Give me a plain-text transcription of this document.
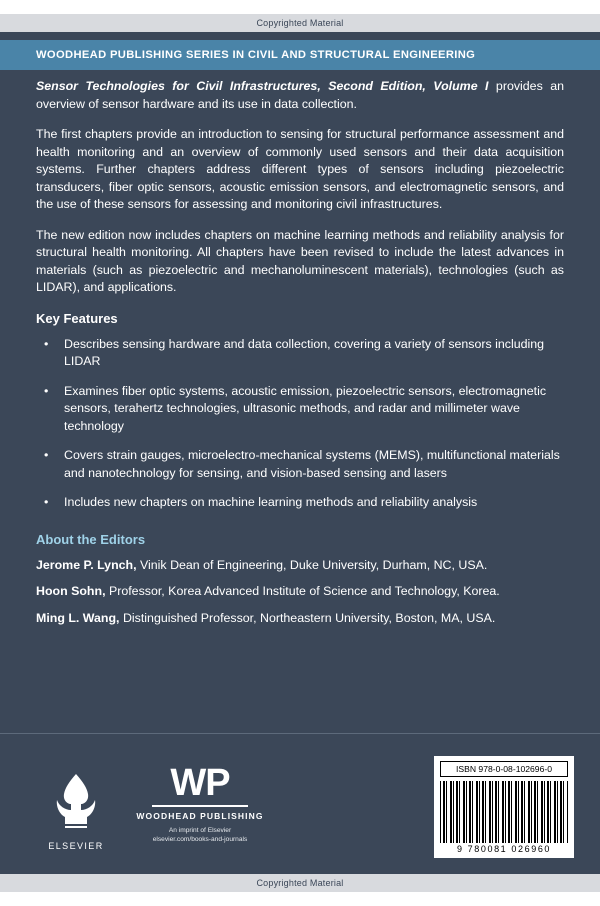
Copyrighted Material
WOODHEAD PUBLISHING SERIES IN CIVIL AND STRUCTURAL ENGINEERING

Sensor Technologies for Civil Infrastructures, Second Edition, Volume I provides an overview of sensor hardware and its use in data collection.

The first chapters provide an introduction to sensing for structural performance assessment and health monitoring and an overview of commonly used sensors and their data acquisition systems. Further chapters address different types of sensors including piezoelectric transducers, fiber optic sensors, acoustic emission sensors, and electromagnetic sensors, and the use of these sensors for assessing and monitoring civil infrastructures.

The new edition now includes chapters on machine learning methods and reliability analysis for structural health monitoring. All chapters have been revised to include the latest advances in materials (such as piezoelectric and mechanoluminescent materials), technologies (such as LIDAR), and applications.

Key Features
• Describes sensing hardware and data collection, covering a variety of sensors including LIDAR
• Examines fiber optic systems, acoustic emission, piezoelectric sensors, electromagnetic sensors, terahertz technologies, ultrasonic methods, and radar and millimeter wave technology
• Covers strain gauges, microelectro-mechanical systems (MEMS), multifunctional materials and nanotechnology for sensing, and vision-based sensing and lasers
• Includes new chapters on machine learning methods and reliability analysis
About the Editors
Jerome P. Lynch, Vinik Dean of Engineering, Duke University, Durham, NC, USA.
Hoon Sohn, Professor, Korea Advanced Institute of Science and Technology, Korea.
Ming L. Wang, Distinguished Professor, Northeastern University, Boston, MA, USA.
ELSEVIER
WP
WOODHEAD PUBLISHING
An imprint of Elsevier
elsevier.com/books-and-journals
ISBN 978-0-08-102696-0
9 780081 026960
Copyrighted Material
